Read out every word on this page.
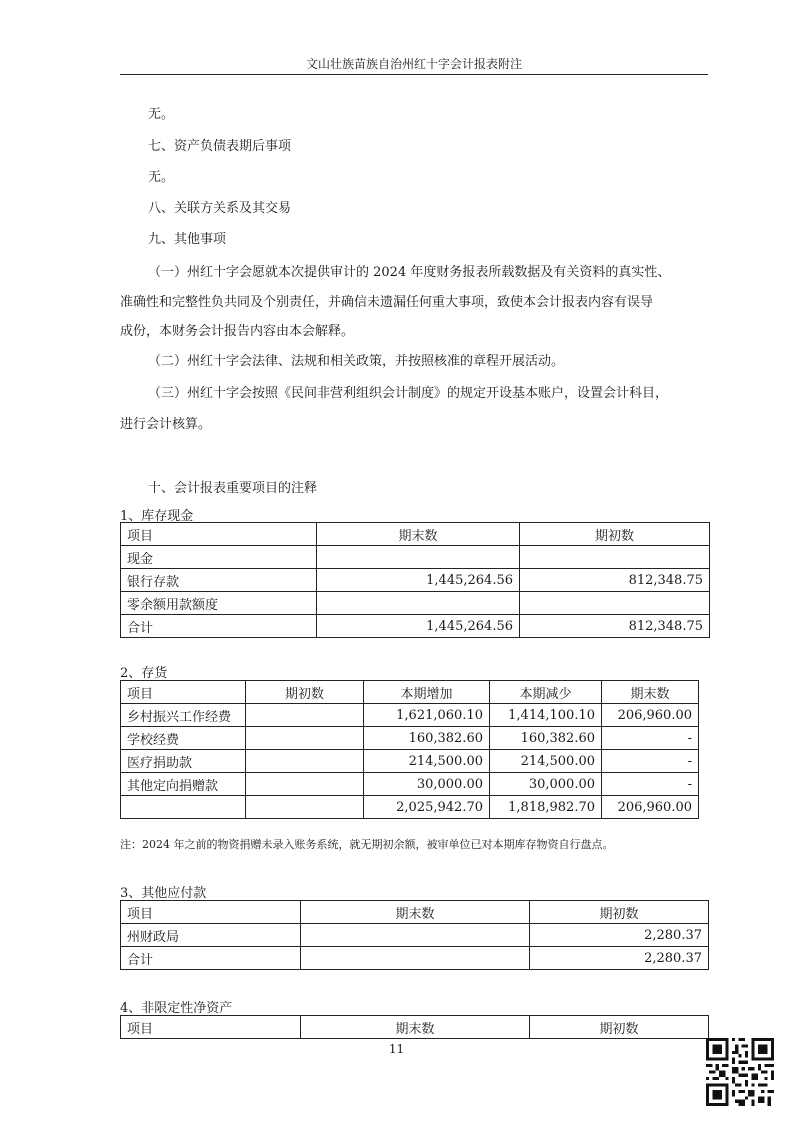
文山壮族苗族自治州红十字会计报表附注
无。
七、资产负债表期后事项
无。
八、关联方关系及其交易
九、其他事项
（一）州红十字会愿就本次提供审计的 2024 年度财务报表所载数据及有关资料的真实性、
准确性和完整性负共同及个别责任，并确信未遗漏任何重大事项，致使本会计报表内容有误导
成份，本财务会计报告内容由本会解释。
（二）州红十字会法律、法规和相关政策，并按照核准的章程开展活动。
（三）州红十字会按照《民间非营利组织会计制度》的规定开设基本账户，设置会计科目，
进行会计核算。
十、会计报表重要项目的注释
1、库存现金
项目	期末数	期初数
现金		
银行存款	1,445,264.56	812,348.75
零余额用款额度		
合计	1,445,264.56	812,348.75
2、存货
项目	期初数	本期增加	本期减少	期末数
乡村振兴工作经费		1,621,060.10	1,414,100.10	206,960.00
学校经费		160,382.60	160,382.60	-
医疗捐助款		214,500.00	214,500.00	-
其他定向捐赠款		30,000.00	30,000.00	-
		2,025,942.70	1,818,982.70	206,960.00
注：2024 年之前的物资捐赠未录入账务系统，就无期初余额，被审单位已对本期库存物资自行盘点。
3、其他应付款
项目	期末数	期初数
州财政局		2,280.37
合计		2,280.37
4、非限定性净资产
项目	期末数	期初数
11
